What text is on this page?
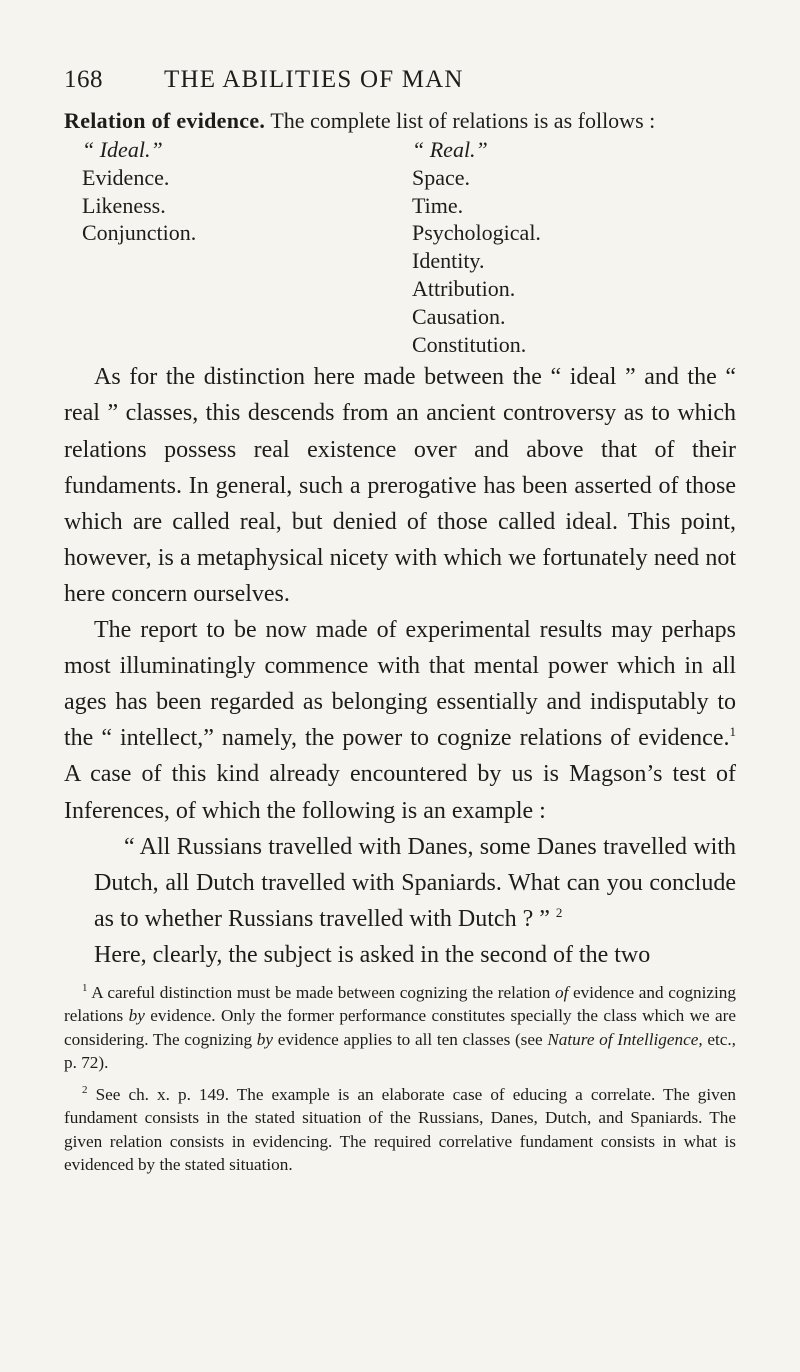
168	THE ABILITIES OF MAN

Relation of evidence. The complete list of relations is as follows :

“ Ideal.”
Evidence.
Likeness.
Conjunction.
“ Real.”
Space.
Time.
Psychological.
Identity.
Attribution.
Causation.
Constitution.

As for the distinction here made between the “ ideal ” and the “ real ” classes, this descends from an ancient controversy as to which relations possess real existence over and above that of their fundaments. In general, such a prerogative has been asserted of those which are called real, but denied of those called ideal. This point, however, is a metaphysical nicety with which we fortunately need not here concern ourselves.

The report to be now made of experimental results may perhaps most illuminatingly commence with that mental power which in all ages has been regarded as belonging essentially and indisputably to the “ intellect,” namely, the power to cognize relations of evidence.$^1$ A case of this kind already encountered by us is Magson’s test of Inferences, of which the following is an example :

“ All Russians travelled with Danes, some Danes travelled with Dutch, all Dutch travelled with Spaniards. What can you conclude as to whether Russians travelled with Dutch ? ” $^2$

Here, clearly, the subject is asked in the second of the two

$^1$ A careful distinction must be made between cognizing the relation of evidence and cognizing relations by evidence. Only the former performance constitutes specially the class which we are considering. The cognizing by evidence applies to all ten classes (see Nature of Intelligence, etc., p. 72).

$^2$ See ch. x. p. 149. The example is an elaborate case of educing a correlate. The given fundament consists in the stated situation of the Russians, Danes, Dutch, and Spaniards. The given relation consists in evidencing. The required correlative fundament consists in what is evidenced by the stated situation.
